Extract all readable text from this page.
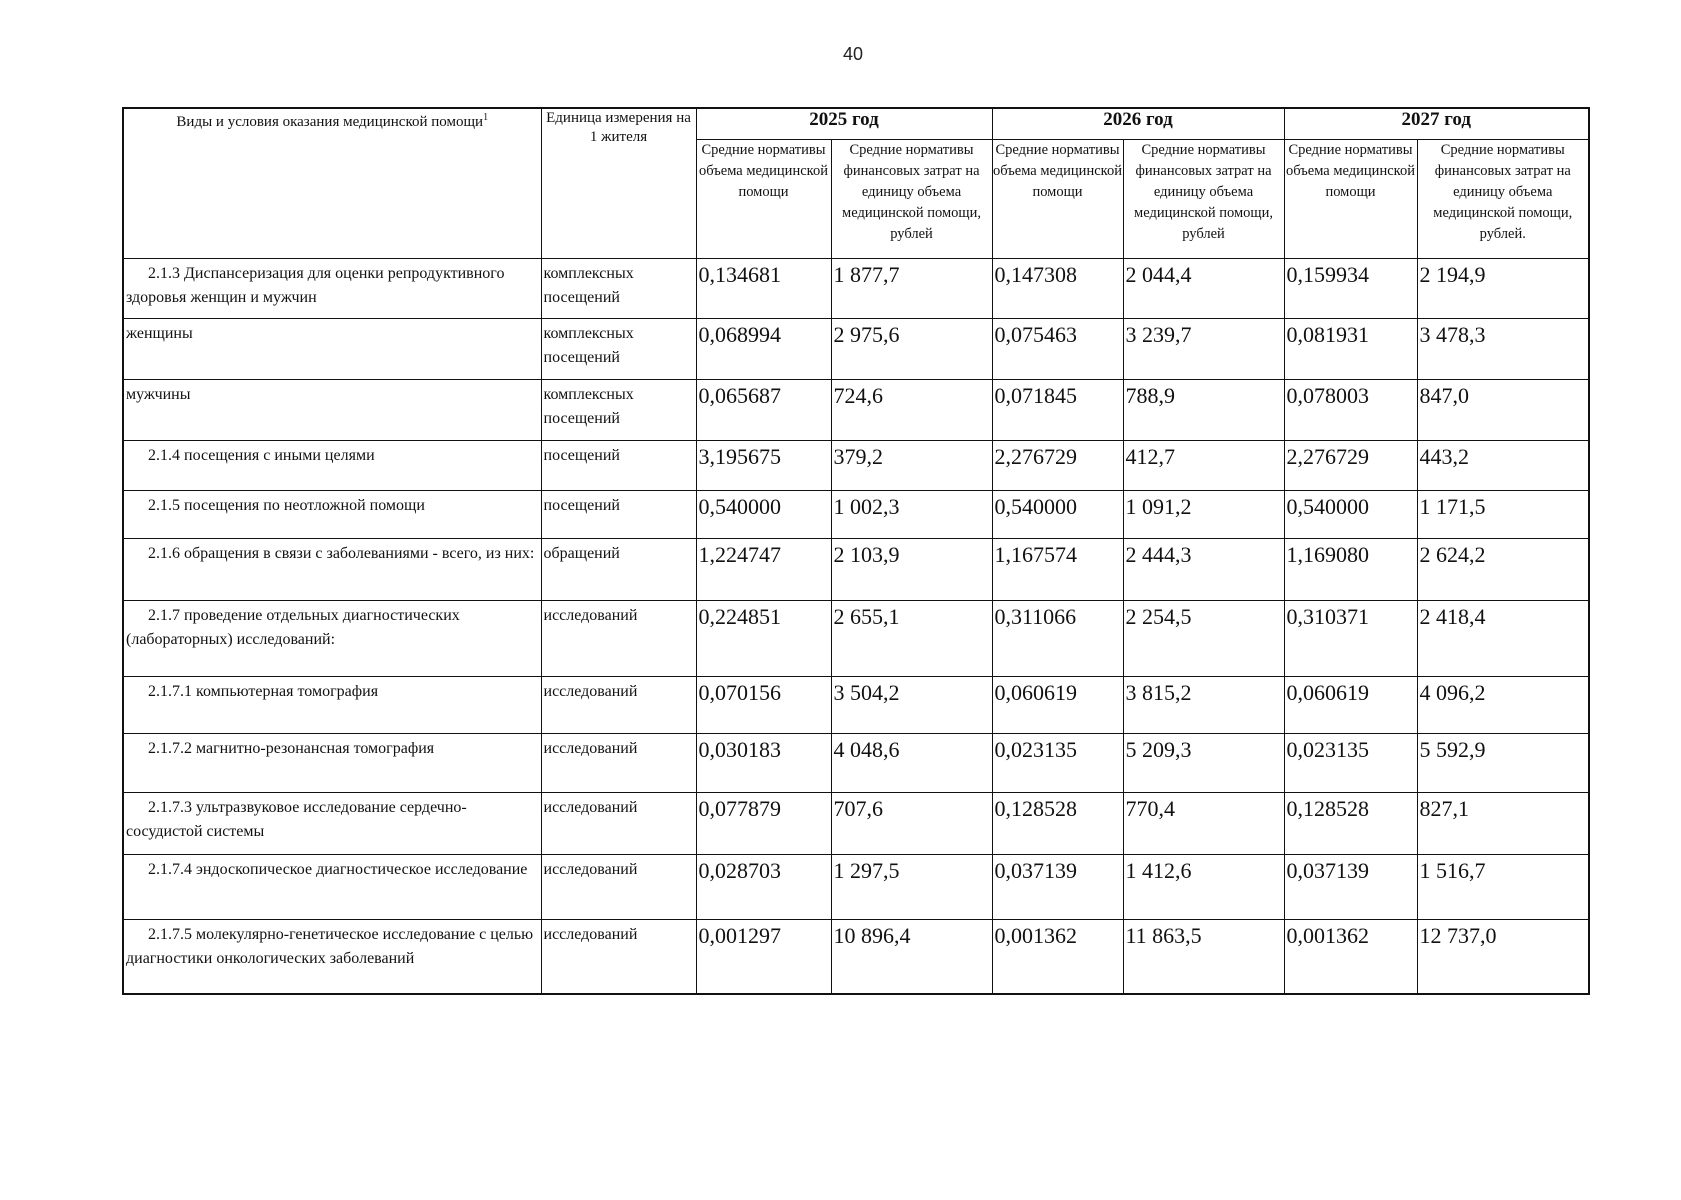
40
Виды и условия оказания медицинской помощи$^1$	Единица измерения на 1 жителя	2025 год		2026 год		2027 год	
		Средние нормативы объема медицинской помощи	Средние нормативы финансовых затрат на единицу объема медицинской помощи, рублей	Средние нормативы объема медицинской помощи	Средние нормативы финансовых затрат на единицу объема медицинской помощи, рублей	Средние нормативы объема медицинской помощи	Средние нормативы финансовых затрат на единицу объема медицинской помощи, рублей.

2.1.3 Диспансеризация для оценки репродуктивного здоровья женщин и мужчин	комплексных посещений	0,134681	1 877,7	0,147308	2 044,4	0,159934	2 194,9

женщины	комплексных посещений	0,068994	2 975,6	0,075463	3 239,7	0,081931	3 478,3

мужчины	комплексных посещений	0,065687	724,6	0,071845	788,9	0,078003	847,0

2.1.4 посещения с иными целями	посещений	3,195675	379,2	2,276729	412,7	2,276729	443,2

2.1.5 посещения по неотложной помощи	посещений	0,540000	1 002,3	0,540000	1 091,2	0,540000	1 171,5

2.1.6 обращения в связи с заболеваниями - всего, из них:	обращений	1,224747	2 103,9	1,167574	2 444,3	1,169080	2 624,2

2.1.7 проведение отдельных диагностических (лабораторных) исследований:	исследований	0,224851	2 655,1	0,311066	2 254,5	0,310371	2 418,4

2.1.7.1 компьютерная томография	исследований	0,070156	3 504,2	0,060619	3 815,2	0,060619	4 096,2

2.1.7.2 магнитно-резонансная томография	исследований	0,030183	4 048,6	0,023135	5 209,3	0,023135	5 592,9

2.1.7.3 ультразвуковое исследование сердечно-сосудистой системы	исследований	0,077879	707,6	0,128528	770,4	0,128528	827,1

2.1.7.4 эндоскопическое диагностическое исследование	исследований	0,028703	1 297,5	0,037139	1 412,6	0,037139	1 516,7

2.1.7.5 молекулярно-генетическое исследование с целью диагностики онкологических заболеваний	исследований	0,001297	10 896,4	0,001362	11 863,5	0,001362	12 737,0
